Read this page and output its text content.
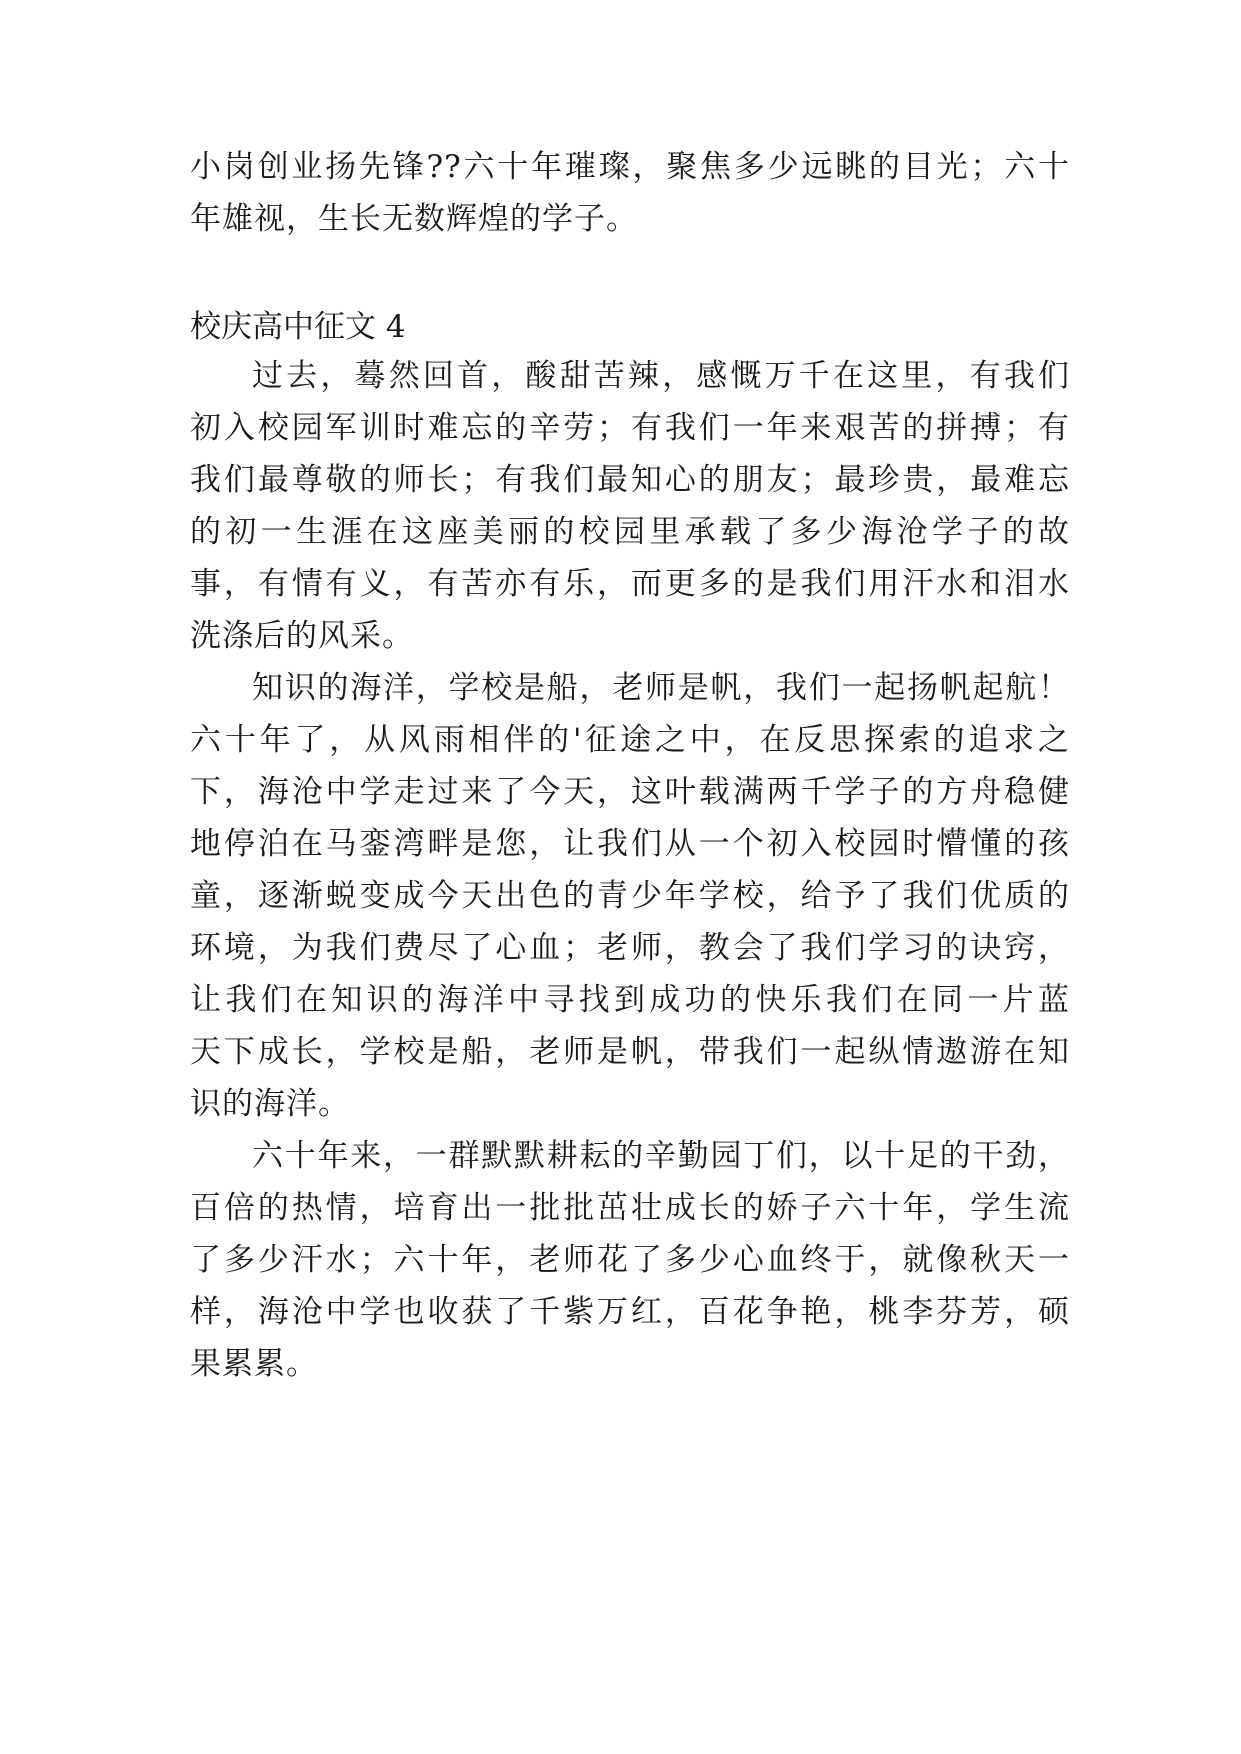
小岗创业扬先锋??六十年璀璨，聚焦多少远眺的目光；六十
年雄视，生长无数辉煌的学子。
校庆高中征文 4
过去，蓦然回首，酸甜苦辣，感慨万千在这里，有我们
初入校园军训时难忘的辛劳；有我们一年来艰苦的拼搏；有
我们最尊敬的师长；有我们最知心的朋友；最珍贵，最难忘
的初一生涯在这座美丽的校园里承载了多少海沧学子的故
事，有情有义，有苦亦有乐，而更多的是我们用汗水和泪水
洗涤后的风采。
知识的海洋，学校是船，老师是帆，我们一起扬帆起航！
六十年了，从风雨相伴的'征途之中，在反思探索的追求之
下，海沧中学走过来了今天，这叶载满两千学子的方舟稳健
地停泊在马銮湾畔是您，让我们从一个初入校园时懵懂的孩
童，逐渐蜕变成今天出色的青少年学校，给予了我们优质的
环境，为我们费尽了心血；老师，教会了我们学习的诀窍，
让我们在知识的海洋中寻找到成功的快乐我们在同一片蓝
天下成长，学校是船，老师是帆，带我们一起纵情遨游在知
识的海洋。
六十年来，一群默默耕耘的辛勤园丁们，以十足的干劲，
百倍的热情，培育出一批批茁壮成长的娇子六十年，学生流
了多少汗水；六十年，老师花了多少心血终于，就像秋天一
样，海沧中学也收获了千紫万红，百花争艳，桃李芬芳，硕
果累累。
